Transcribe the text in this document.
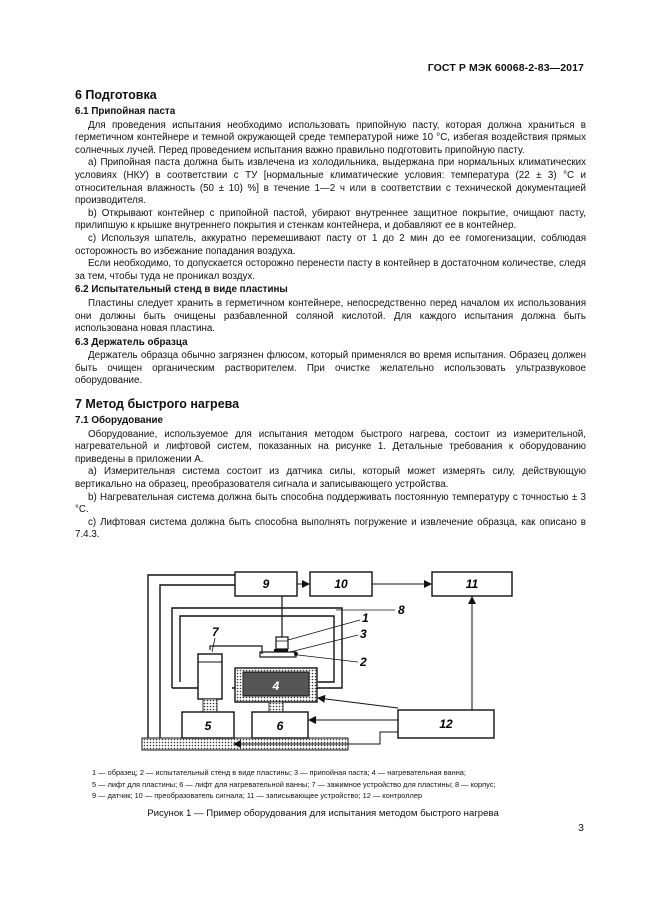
ГОСТ Р МЭК 60068-2-83—2017
6 Подготовка

6.1 Припойная паста

Для проведения испытания необходимо использовать припойную пасту, которая должна храниться в герметичном контейнере и темной окружающей среде температурой ниже 10 °С, избегая воздействия прямых солнечных лучей. Перед проведением испытания важно правильно подготовить припойную пасту.

a) Припойная паста должна быть извлечена из холодильника, выдержана при нормальных климатических условиях (НКУ) в соответствии с ТУ [нормальные климатические условия: температура (22 ± 3) °С и относительная влажность (50 ± 10) %] в течение 1—2 ч или в соответствии с технической документацией производителя.

b) Открывают контейнер с припойной пастой, убирают внутреннее защитное покрытие, очищают пасту, прилипшую к крышке внутреннего покрытия и стенкам контейнера, и добавляют ее в контейнер.

c) Используя шпатель, аккуратно перемешивают пасту от 1 до 2 мин до ее гомогенизации, соблюдая осторожность во избежание попадания воздуха.

Если необходимо, то допускается осторожно перенести пасту в контейнер в достаточном количестве, следя за тем, чтобы туда не проникал воздух.

6.2 Испытательный стенд в виде пластины

Пластины следует хранить в герметичном контейнере, непосредственно перед началом их использования они должны быть очищены разбавленной соляной кислотой. Для каждого испытания должна быть использована новая пластина.

6.3 Держатель образца

Держатель образца обычно загрязнен флюсом, который применялся во время испытания. Образец должен быть очищен органическим растворителем. При очистке желательно использовать ультразвуковое оборудование.

7 Метод быстрого нагрева

7.1 Оборудование

Оборудование, используемое для испытания методом быстрого нагрева, состоит из измерительной, нагревательной и лифтовой систем, показанных на рисунке 1. Детальные требования к оборудованию приведены в приложении А.

a) Измерительная система состоит из датчика силы, который может измерять силу, действующую вертикально на образец, преобразователя сигнала и записывающего устройства.

b) Нагревательная система должна быть способна поддерживать постоянную температуру с точностью ± 3 °С.

c) Лифтовая система должна быть способна выполнять погружение и извлечение образца, как описано в 7.4.3.

9	10	11
8
1
3
2
7
4
5	6	12

1 — образец; 2 — испытательный стенд в виде пластины; 3 — припойная паста; 4 — нагревательная ванна;

5 — лифт для пластины; 6 — лифт для нагревательной ванны; 7 — зажимное устройство для пластины; 8 — корпус;

9 — датчик; 10 — преобразователь сигнала; 11 — записывающее устройство; 12 — контроллер

Рисунок 1 — Пример оборудования для испытания методом быстрого нагрева
3
